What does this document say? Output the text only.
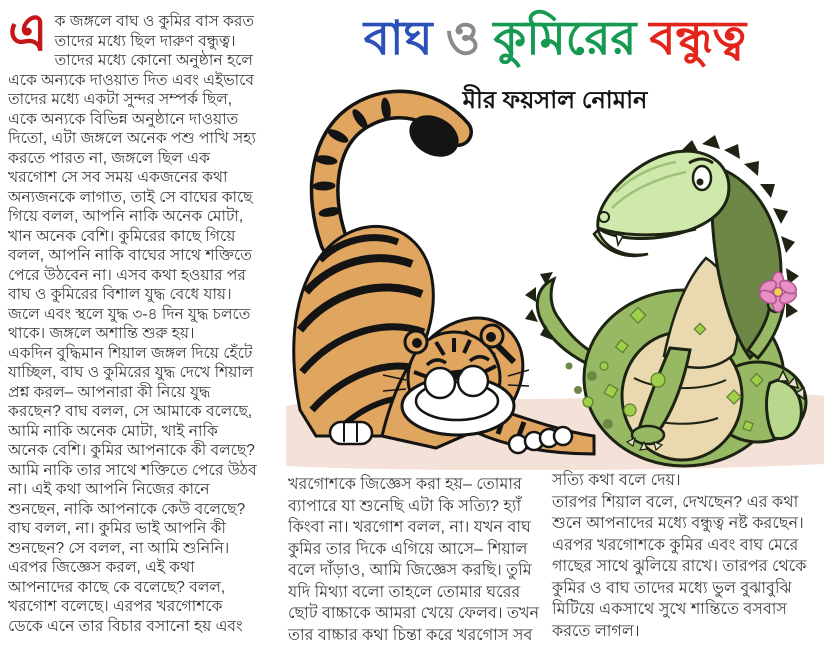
বাঘ ও কুমিরের বন্ধুত্ব
মীর ফয়সাল নোমান
এ ক জঙ্গলে বাঘ ও কুমির বাস করত
তাদের মধ্যে ছিল দারুণ বন্ধুত্ব।
তাদের মধ্যে কোনো অনুষ্ঠান হলে
একে অন্যকে দাওয়াত দিত এবং এইভাবে
তাদের মধ্যে একটা সুন্দর সম্পর্ক ছিল,
একে অন্যকে বিভিন্ন অনুষ্ঠানে দাওয়াত
দিতো, এটা জঙ্গলে অনেক পশু পাখি সহ্য
করতে পারত না, জঙ্গলে ছিল এক
খরগোশ সে সব সময় একজনের কথা
অন্যজনকে লাগাত, তাই সে বাঘের কাছে
গিয়ে বলল, আপনি নাকি অনেক মোটা,
খান অনেক বেশি। কুমিরের কাছে গিয়ে
বলল, আপনি নাকি বাঘের সাথে শক্তিতে
পেরে উঠবেন না। এসব কথা হওয়ার পর
বাঘ ও কুমিরের বিশাল যুদ্ধ বেধে যায়।
জলে এবং স্থলে যুদ্ধ ৩-৪ দিন যুদ্ধ চলতে
থাকে। জঙ্গলে অশান্তি শুরু হয়।
একদিন বুদ্ধিমান শিয়াল জঙ্গল দিয়ে হেঁটে
যাচ্ছিল, বাঘ ও কুমিরের যুদ্ধ দেখে শিয়াল
প্রশ্ন করল– আপনারা কী নিয়ে যুদ্ধ
করছেন? বাঘ বলল, সে আমাকে বলেছে,
আমি নাকি অনেক মোটা, খাই নাকি
অনেক বেশি। কুমির আপনাকে কী বলছে?
আমি নাকি তার সাথে শক্তিতে পেরে উঠব
না। এই কথা আপনি নিজের কানে
শুনছেন, নাকি আপনাকে কেউ বলেছে?
বাঘ বলল, না। কুমির ভাই আপনি কী
শুনছেন? সে বলল, না আমি শুনিনি।
এরপর জিজ্ঞেস করল, এই কথা
আপনাদের কাছে কে বলেছে? বলল,
খরগোশ বলেছে। এরপর খরগোশকে
ডেকে এনে তার বিচার বসানো হয় এবং
খরগোশকে জিজ্ঞেস করা হয়– তোমার
ব্যাপারে যা শুনেছি এটা কি সত্যি? হ্যাঁ
কিংবা না। খরগোশ বলল, না। যখন বাঘ
কুমির তার দিকে এগিয়ে আসে– শিয়াল
বলে দাঁড়াও, আমি জিজ্ঞেস করছি। তুমি
যদি মিথ্যা বলো তাহলে তোমার ঘরের
ছোট বাচ্চাকে আমরা খেয়ে ফেলব। তখন
তার বাচ্চার কথা চিন্তা করে খরগোস সব
সত্যি কথা বলে দেয়।
তারপর শিয়াল বলে, দেখছেন? এর কথা
শুনে আপনাদের মধ্যে বন্ধুত্ব নষ্ট করছেন।
এরপর খরগোশকে কুমির এবং বাঘ মেরে
গাছের সাথে ঝুলিয়ে রাখে। তারপর থেকে
কুমির ও বাঘ তাদের মধ্যে ভুল বুঝাবুঝি
মিটিয়ে একসাথে সুখে শান্তিতে বসবাস
করতে লাগল।
